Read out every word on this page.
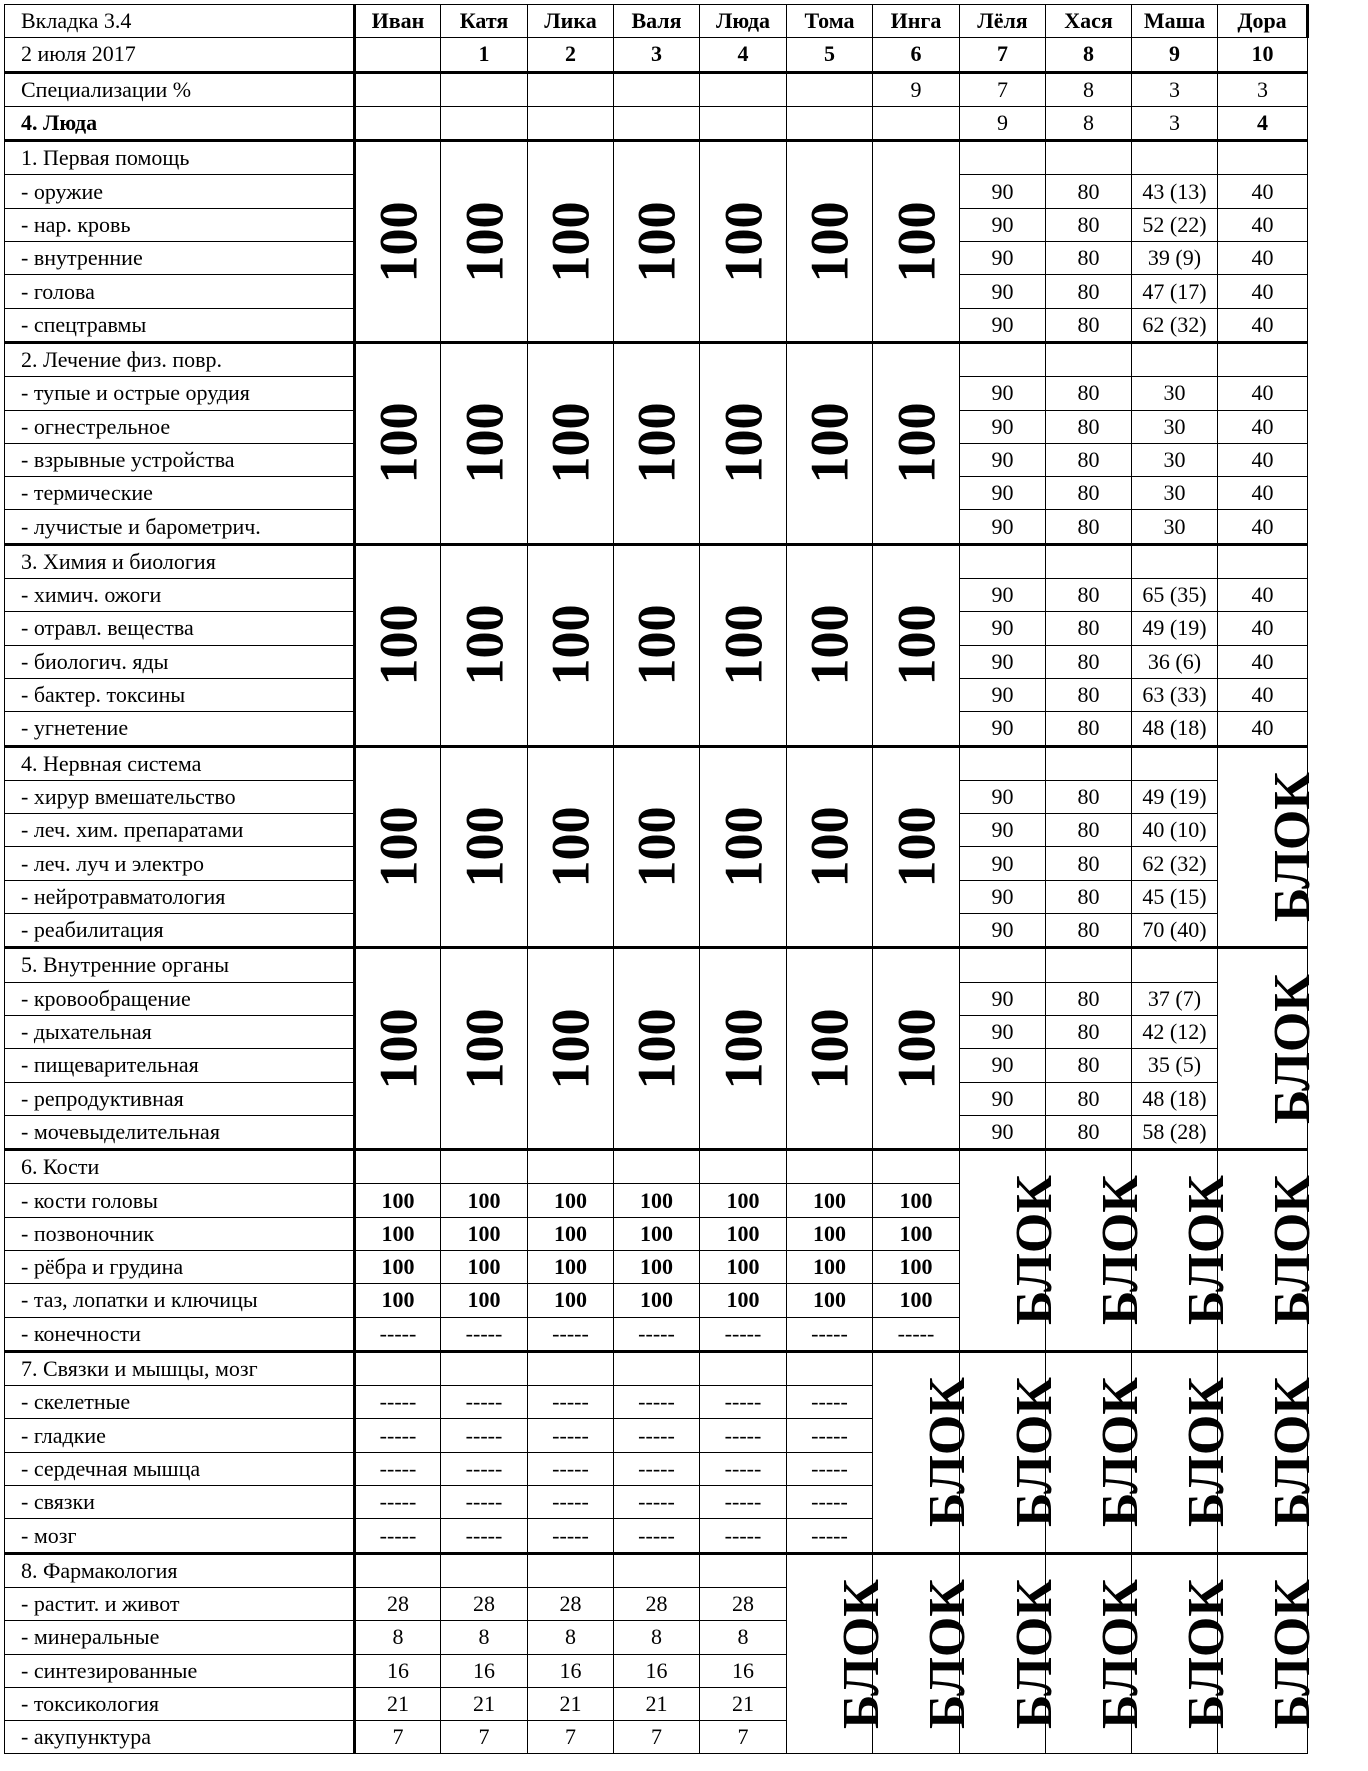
Вкладка 3.4	Иван	Катя	Лика	Валя	Люда	Тома	Инга	Лёля	Хася	Маша	Дора
2 июля 2017		1	2	3	4	5	6	7	8	9	10
Специализации %							9	7	8	3	3
4. Люда								9	8	3	4
1. Первая помощь	100	100	100	100	100	100	100				
- оружие								90	80	43 (13)	40
- нар. кровь								90	80	52 (22)	40
- внутренние								90	80	39 (9)	40
- голова								90	80	47 (17)	40
- спецтравмы								90	80	62 (32)	40
2. Лечение физ. повр.	100	100	100	100	100	100	100				
- тупые и острые орудия								90	80	30	40
- огнестрельное								90	80	30	40
- взрывные устройства								90	80	30	40
- термические								90	80	30	40
- лучистые и барометрич.								90	80	30	40
3. Химия и биология	100	100	100	100	100	100	100				
- химич. ожоги								90	80	65 (35)	40
- отравл. вещества								90	80	49 (19)	40
- биологич. яды								90	80	36 (6)	40
- бактер. токсины								90	80	63 (33)	40
- угнетение								90	80	48 (18)	40
4. Нервная система	100	100	100	100	100	100	100				БЛОК
- хирур вмешательство								90	80	49 (19)	
- леч. хим. препаратами								90	80	40 (10)	
- леч. луч и электро								90	80	62 (32)	
- нейротравматология								90	80	45 (15)	
- реабилитация								90	80	70 (40)	
5. Внутренние органы	100	100	100	100	100	100	100				БЛОК
- кровообращение								90	80	37 (7)	
- дыхательная								90	80	42 (12)	
- пищеварительная								90	80	35 (5)	
- репродуктивная								90	80	48 (18)	
- мочевыделительная								90	80	58 (28)	
6. Кости								БЛОК	БЛОК	БЛОК	БЛОК
- кости головы	100	100	100	100	100	100	100				
- позвоночник	100	100	100	100	100	100	100				
- рёбра и грудина	100	100	100	100	100	100	100				
- таз, лопатки и ключицы	100	100	100	100	100	100	100				
- конечности	-----	-----	-----	-----	-----	-----	-----				
7. Связки и мышцы, мозг							БЛОК	БЛОК	БЛОК	БЛОК	БЛОК
- скелетные	-----	-----	-----	-----	-----	-----					
- гладкие	-----	-----	-----	-----	-----	-----					
- сердечная мышца	-----	-----	-----	-----	-----	-----					
- связки	-----	-----	-----	-----	-----	-----					
- мозг	-----	-----	-----	-----	-----	-----					
8. Фармакология						БЛОК	БЛОК	БЛОК	БЛОК	БЛОК	БЛОК
- растит. и живот	28	28	28	28	28						
- минеральные	8	8	8	8	8						
- синтезированные	16	16	16	16	16						
- токсикология	21	21	21	21	21						
- акупунктура	7	7	7	7	7						
